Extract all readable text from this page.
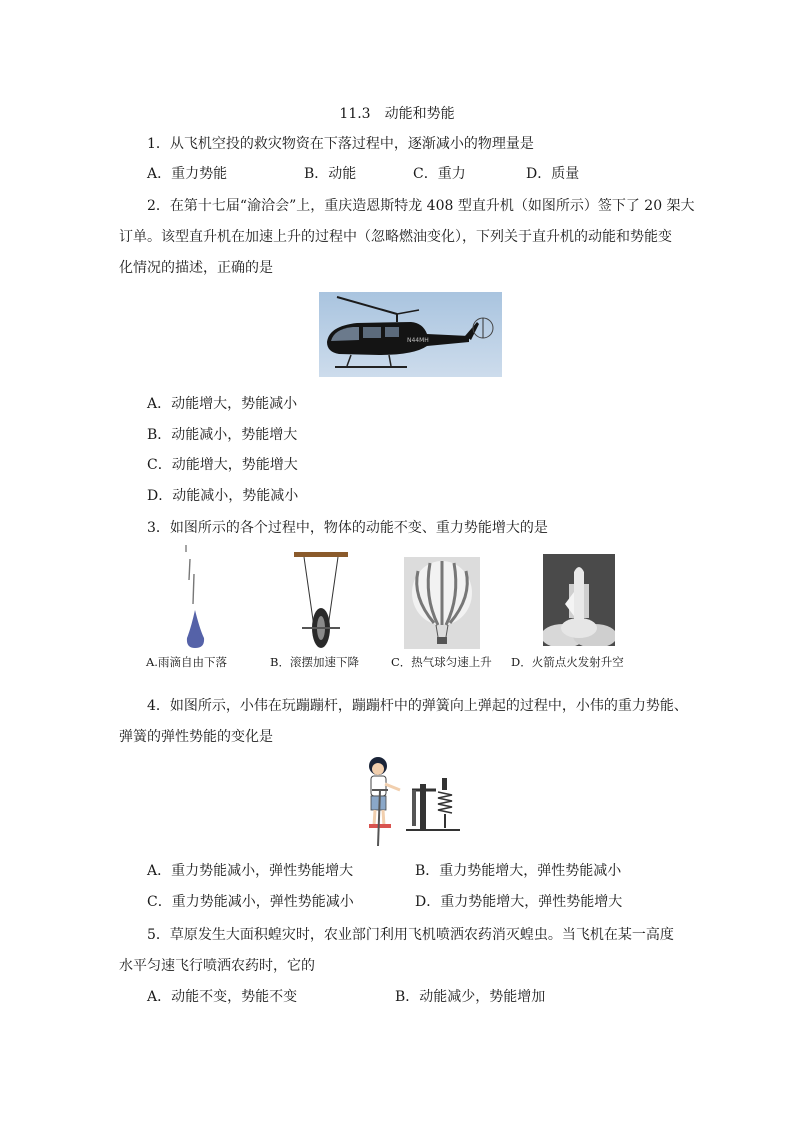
11.3　动能和势能
1．从飞机空投的救灾物资在下落过程中，逐渐减小的物理量是
A．重力势能	B．动能	C．重力	D．质量
2．在第十七届“渝洽会”上，重庆造恩斯特龙 408 型直升机（如图所示）签下了 20 架大
订单。该型直升机在加速上升的过程中（忽略燃油变化），下列关于直升机的动能和势能变
化情况的描述，正确的是
N44MH
A．动能增大，势能减小
B．动能减小，势能增大
C．动能增大，势能增大
D．动能减小，势能减小
3．如图所示的各个过程中，物体的动能不变、重力势能增大的是
A.雨滴自由下落	B．滚摆加速下降	C．热气球匀速上升 D．火箭点火发射升空
4．如图所示，小伟在玩蹦蹦杆，蹦蹦杆中的弹簧向上弹起的过程中，小伟的重力势能、
弹簧的弹性势能的变化是
A．重力势能减小，弹性势能增大	B．重力势能增大，弹性势能减小
C．重力势能减小，弹性势能减小	D．重力势能增大，弹性势能增大
5．草原发生大面积蝗灾时，农业部门利用飞机喷洒农药消灭蝗虫。当飞机在某一高度
水平匀速飞行喷洒农药时，它的
A．动能不变，势能不变	B．动能减少，势能增加
